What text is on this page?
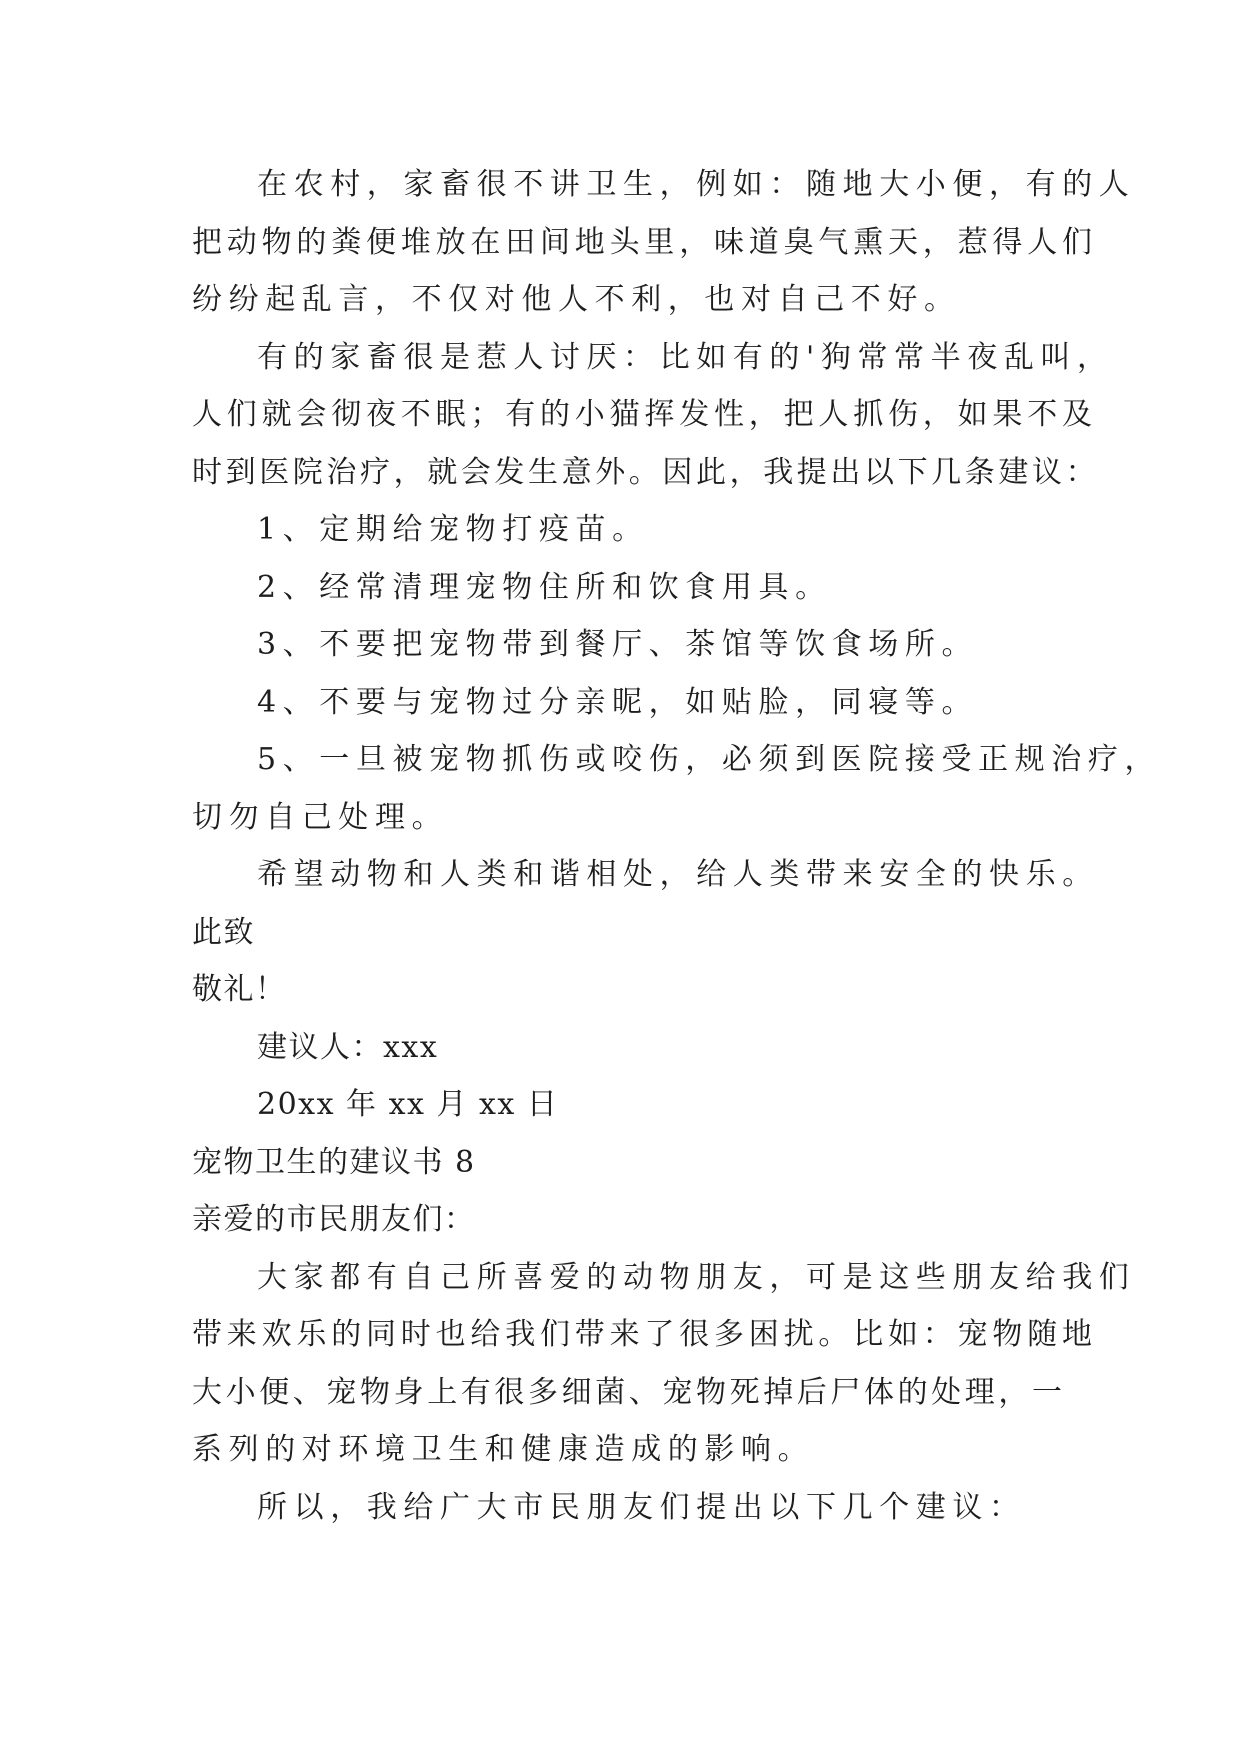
在农村，家畜很不讲卫生，例如：随地大小便，有的人
把动物的粪便堆放在田间地头里，味道臭气熏天，惹得人们
纷纷起乱言，不仅对他人不利，也对自己不好。
有的家畜很是惹人讨厌：比如有的'狗常常半夜乱叫，
人们就会彻夜不眠；有的小猫挥发性，把人抓伤，如果不及
时到医院治疗，就会发生意外。因此，我提出以下几条建议：
1、定期给宠物打疫苗。
2、经常清理宠物住所和饮食用具。
3、不要把宠物带到餐厅、茶馆等饮食场所。
4、不要与宠物过分亲昵，如贴脸，同寝等。
5、一旦被宠物抓伤或咬伤，必须到医院接受正规治疗，
切勿自己处理。
希望动物和人类和谐相处，给人类带来安全的快乐。
此致
敬礼！
建议人：xxx
20xx 年 xx 月 xx 日
宠物卫生的建议书 8
亲爱的市民朋友们：
大家都有自己所喜爱的动物朋友，可是这些朋友给我们
带来欢乐的同时也给我们带来了很多困扰。比如：宠物随地
大小便、宠物身上有很多细菌、宠物死掉后尸体的处理，一
系列的对环境卫生和健康造成的影响。
所以，我给广大市民朋友们提出以下几个建议：
